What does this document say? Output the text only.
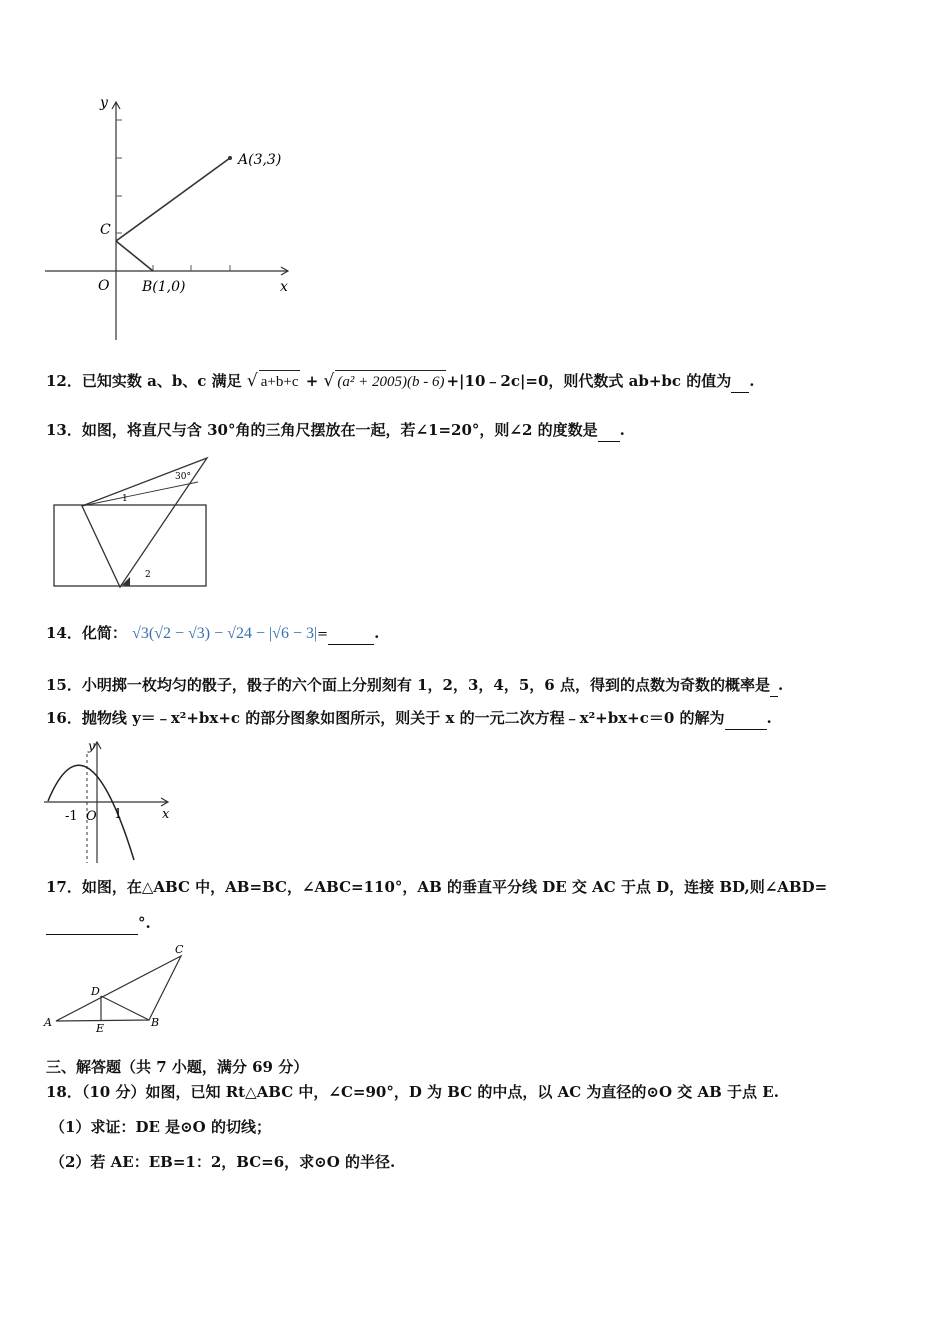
y
x
O
C
A(3,3)
B(1,0)
12．已知实数 a、b、c 满足 √ a+b+c + √ (a² + 2005)(b - 6) +|10﹣2c|=0，则代数式 ab+bc 的值为 .
13．如图，将直尺与含 30°角的三角尺摆放在一起，若∠1=20°，则∠2 的度数是 .
30°
1
2
14．化简： √3(√2 − √3) − √24 − |√6 − 3|=	.
15．小明掷一枚均匀的骰子，骰子的六个面上分别刻有 1，2，3，4，5，6 点，得到的点数为奇数的概率是 .
16．抛物线 y＝﹣x²+bx+c 的部分图象如图所示，则关于 x 的一元二次方程﹣x²+bx+c＝0 的解为	.
y
x
-1 O 1
17．如图，在△ABC 中，AB=BC，∠ABC=110°，AB 的垂直平分线 DE 交 AC 于点 D，连接 BD,则∠ABD=
°.
C
D
A	E	B
三、解答题（共 7 小题，满分 69 分）
18．（10 分）如图，已知 Rt△ABC 中，∠C=90°，D 为 BC 的中点，以 AC 为直径的⊙O 交 AB 于点 E.
（1）求证：DE 是⊙O 的切线；
（2）若 AE：EB=1：2，BC=6，求⊙O 的半径.
